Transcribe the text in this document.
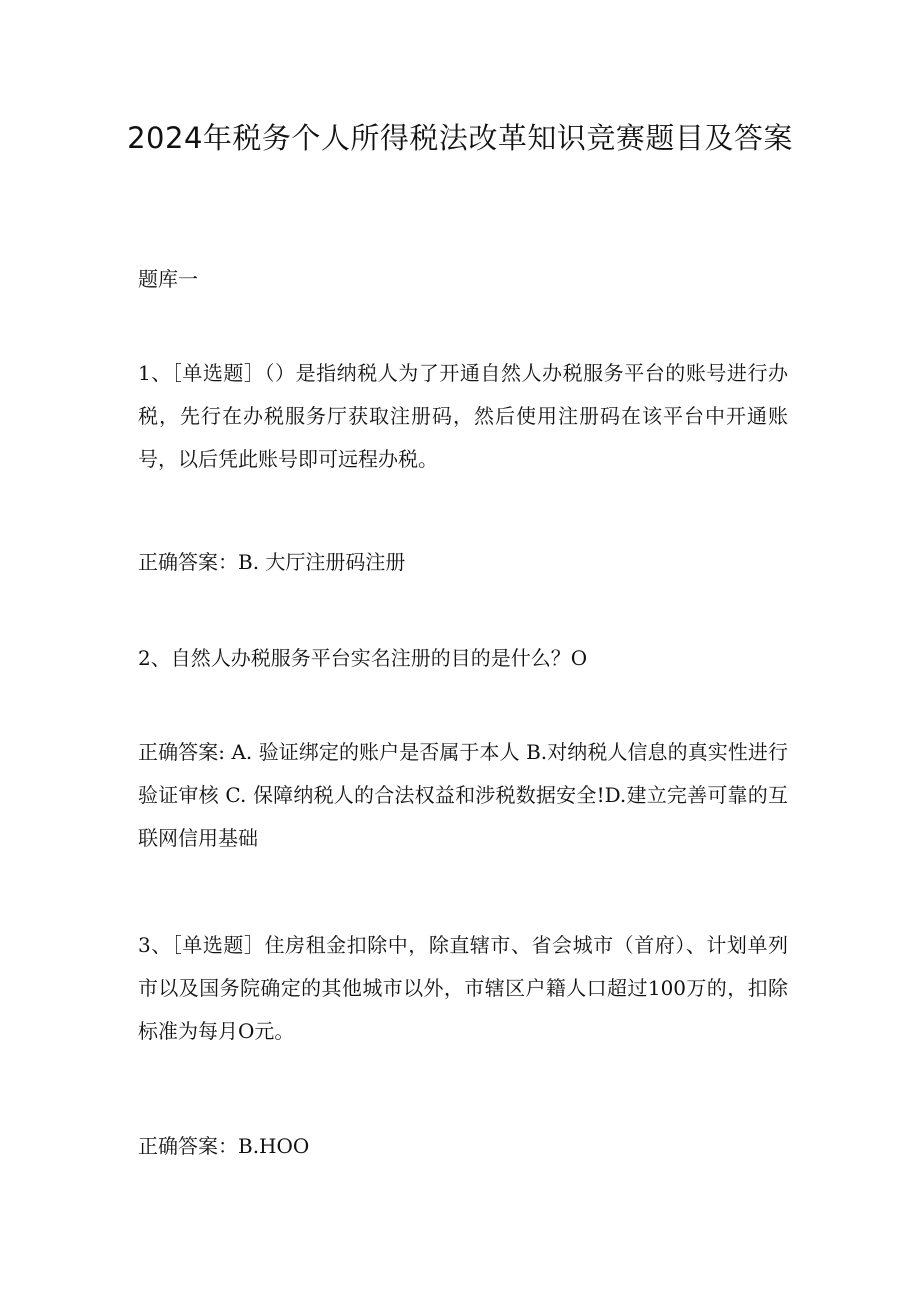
2024年税务个人所得税法改革知识竞赛题目及答案

题库一

1、［单选题］（）是指纳税人为了开通自然人办税服务平台的账号进行办税，先行在办税服务厅获取注册码，然后使用注册码在该平台中开通账号，以后凭此账号即可远程办税。

正确答案：B. 大厅注册码注册

2、自然人办税服务平台实名注册的目的是什么？O

正确答案: A. 验证绑定的账户是否属于本人 B.对纳税人信息的真实性进行验证审核 C. 保障纳税人的合法权益和涉税数据安全!D.建立完善可靠的互联网信用基础

3、［单选题］住房租金扣除中，除直辖市、省会城市（首府）、计划单列市以及国务院确定的其他城市以外，市辖区户籍人口超过100万的，扣除标准为每月O元。

正确答案：B.HOO
